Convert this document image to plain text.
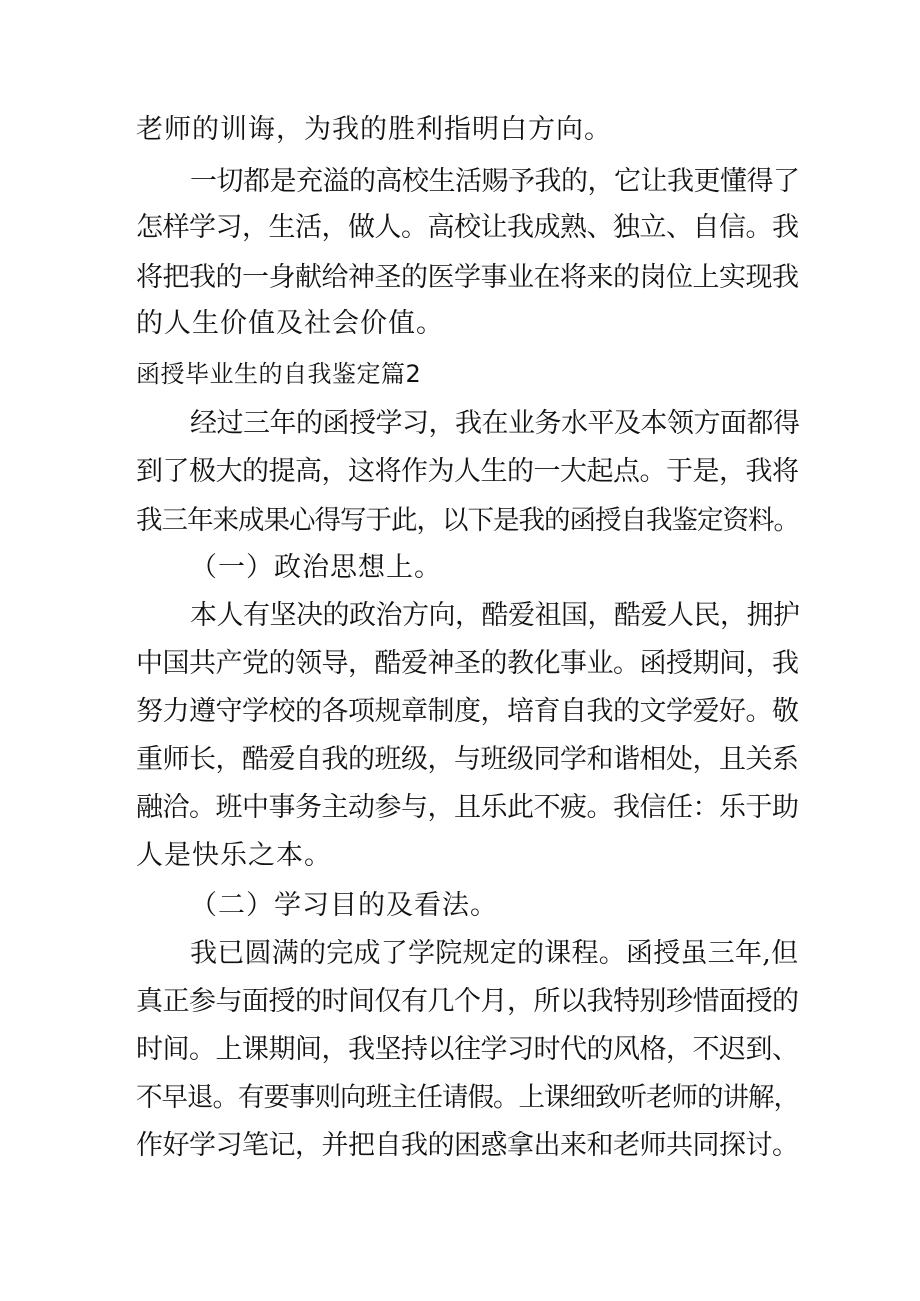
老师的训诲，为我的胜利指明白方向。
一切都是充溢的高校生活赐予我的，它让我更懂得了
怎样学习，生活，做人。高校让我成熟、独立、自信。我
将把我的一身献给神圣的医学事业在将来的岗位上实现我
的人生价值及社会价值。
函授毕业生的自我鉴定篇2
经过三年的函授学习，我在业务水平及本领方面都得
到了极大的提高，这将作为人生的一大起点。于是，我将
我三年来成果心得写于此，以下是我的函授自我鉴定资料。
（一）政治思想上。
本人有坚决的政治方向，酷爱祖国，酷爱人民，拥护
中国共产党的领导，酷爱神圣的教化事业。函授期间，我
努力遵守学校的各项规章制度，培育自我的文学爱好。敬
重师长，酷爱自我的班级，与班级同学和谐相处，且关系
融洽。班中事务主动参与，且乐此不疲。我信任：乐于助
人是快乐之本。
（二）学习目的及看法。
我已圆满的完成了学院规定的课程。函授虽三年,但
真正参与面授的时间仅有几个月，所以我特别珍惜面授的
时间。上课期间，我坚持以往学习时代的风格，不迟到、
不早退。有要事则向班主任请假。上课细致听老师的讲解，
作好学习笔记，并把自我的困惑拿出来和老师共同探讨。
